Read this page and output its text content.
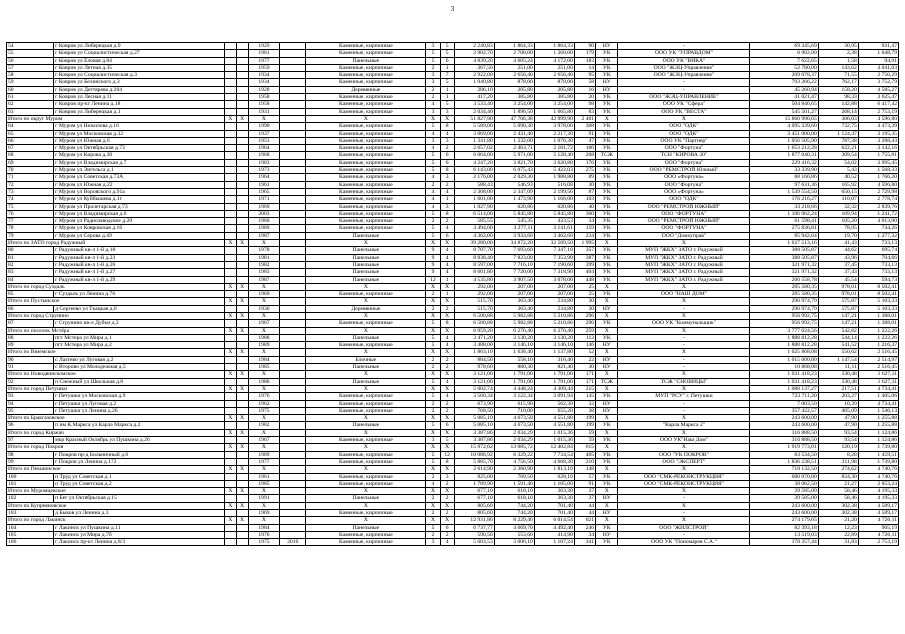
3
54	г Ковров ул Либерецкая д.9			1929		Каменные, кирпичные	3	5	2 240,83	1 864,33	1 864,33	90	НУ	-	69 345,69	30,95	931,47
55	г Ковров ул Социалистическая д.27			1981		Каменные, кирпичные	5	5	2 902,70	2 700,00	1 260,00	179	УК	ООО УК "УПРАВДОМ"	6 902,00	2,38	1 048,79
56	г Ковров ул Еловая д.84			1977		Панельные	5	6	4 839,20	4 605,24	4 172,00	183	УК	ООО УК "ВИКА"	7 622,65	1,58	94,91
57	г Ковров ул Летная д.35			1959		Каменные, кирпичные	2	1	367,50	251,00	251,00	14	УК	ООО "ЖЭЦ-Управление"	52 780,00	143,62	4 041,03
58	г Ковров ул Социалистическая д.3			1934		Каменные, кирпичные	3	7	2 922,00	2 656,40	2 656,40	95	УК	ООО "ЖЭЦ-Управление"	209 078,37	71,55	2 750,29
59	г Ковров ул Белинского д.3			1934		Каменные, кирпичные	3	5	1 040,80	878,00	878,00	58	НУ	-	793 266,22	762,17	3 752,79
60	г Ковров ул Дегтярева д.204			1928		Деревянные	2	1	286,10	205,80	205,80	16	НУ	-	45 260,94	158,20	4 585,27
61	г Ковров ул Лесная д.11			1958		Каменные, кирпичные	2	1	417,20	385,80	385,80	20	УК	ООО "ЖЭЦ-УПРАВЛЕНИЕ"	41 021,47	98,33	3 625,47
62	г Ковров пр-кт Ленина д.18			1958		Каменные, кирпичные	4	5	3 533,40	3 254,00	3 254,00	98	УК	ООО УК "Сфера"	504 846,65	142,88	6 417,42
63	г Ковров ул Либерецкая д.1			1931		Каменные, кирпичные	3	3	2 034,40	1 896,50	1 665,80	83	УК	ООО УК "ВЕСТА"	545 501,27	268,14	2 753,19
Итого по округ Муром		X	X	X		X	X	X	51 827,90	47 706,38	42 999,90	2 401	X	X	15 860 990,65	306,03	4 596,80
64	г Муром ул Нежилова д.16			1990		Каменные, кирпичные	5	8	5 589,00	5 090,30	3 978,00	308	УК	ООО "ОДК"	4 095 339,60	732,75	4 473,39
65	г Муром ул Московская д.32			1937		Каменные, кирпичные	4	4	3 069,00	2 431,40	2 217,30	91	УК	ООО "ОДК"	3 451 000,00	1 124,47	3 195,35
66	г Муром ул Южная д.6			1953		Каменные, кирпичные	3	3	1 341,80	1 232,00	1 076,30	47	УК	ООО УК "Партнер"	1 056 505,90	787,38	3 288,43
67	г Муром ул Октябрьская д.73			1964		Каменные, кирпичные	4	2	2 657,02	2 463,71	2 181,72	100	УК	ООО "Фортуна"	1 653 212,28	622,21	3 142,16
68	г Муром ул Кирова д.30			1968		Каменные, кирпичные	5	6	6 064,00	5 971,00	5 128,40	268	ТСЖ	ТСН "КИРОВА 30"	1 877 040,31	309,54	1 755,81
69	г Муром ул Владимирская д.7			1983		Каменные, кирпичные	5	6	4 247,20	3 821,70	3 620,80	176	УК	ООО "Фортуна"	229 416,32	54,02	3 995,45
70	г Муром ул Энгельса д.1			1973		Каменные, кирпичные	5	8	6 143,00	6 075,43	5 422,03	275	УК	ООО "РЕМСТРОЙ Южный"	33 339,90	5,43	1 568,33
71	г Муром ул Советская д.73А			1964		Каменные, кирпичные	4	3	2 176,00	2 029,30	1 988,80	89	УК	ООО «Фортуна»	88 166,86	40,52	1 766,20
72	г Муром ул Южная д.22			1961		Каменные, кирпичные	2	2	588,43	546,93	516,08	30	УК	ООО "Фортуна"	97 631,36	165,92	4 596,80
73	г Муром ул Воровского д.91а			1965		Каменные, кирпичные	4	4	2 368,00	2 347,09	2 199,56	87	УК	ООО «Фортуна»	1 539 554,50	650,15	2 729,98
74	г Муром ул Куйбышева д.1г			1971		Каменные, кирпичные	4	1	1 601,00	1 473,90	1 166,00	103	УК	ООО "ОДК"	176 216,27	110,07	2 778,74
75	г Муром ул Пролетарская д.73			1969		Каменные, кирпичные	4	3	1 027,90	620,86	620,86	40	УК	ООО "РЕМСТРОЙ ЮЖНЫЙ"	33 218,66	32,32	2 839,76
76	г Муром ул Владимирская д.6			2003		Каменные, кирпичные	5	8	6 514,00	5 845,80	5 845,80	360	УК	ООО "ФОРТУНА"	1 106 962,24	169,94	1 241,72
77	г Муром ул Радиозаводское д.20			1960		Каменные, кирпичные	2	2	585,55	545,35	433,53	34	УК	ООО "РЕМСТРОЙ ЮЖНЫЙ"	61 598,41	105,20	4 013,00
78	г Муром ул Ковровская д.16			1989		Каменные, кирпичные	5	4	3 494,00	3 277,11	3 141,61	159	УК	ООО "ФОРТУНА"	275 836,81	78,95	744,26
79	г Муром ул Серова д.49			1987		Панельные	5	6	4 362,00	3 933,60	3 462,60	234	УК	ООО "Домоуправ"	85 942,64	19,70	1 277,32
Итого по ЗАТО город Радужный		X	X	X		X	X	X	39 280,00	34 872,20	32 589,50	1 995	X	X	1 627 513,16	41,43	733,13
80	г Радужный кв-л 1-й д.18			1978		Панельные	9	4	8 707,70	7 693,60	7 347,10	357	УК	МУП "ЖКХ" ЗАТО г. Радужный	388 505,87	44,62	695,74
81	г Радужный кв-л 1-й д.23			1981		Панельные	9	4	8 838,40	7 823,00	7 353,90	387	УК	МУП "ЖКХ" ЗАТО г. Радужный	388 505,87	43,96	704,66
82	г Радужный кв-л 1-й д.26			1982		Панельные	9	4	8 597,00	7 716,10	7 190,60	399	УК	МУП "ЖКХ" ЗАТО г. Радужный	321 971,32	37,45	733,13
83	г Радужный кв-л 1-й д.27			1983		Панельные	9	4	8 601,80	7 720,00	7 318,90	404	УК	МУП "ЖКХ" ЗАТО г. Радужный	321 971,32	37,43	733,13
84	г Радужный кв-л 1-й д.29			1987		Панельные	12	1	4 535,80	3 907,50	3 078,00	448	УК	МУП "ЖКХ" ЗАТО г. Радужный	206 558,78	45,54	594,73
Итого по город Суздаль		X	X	X		X	X	X	292,00	207,00	207,00	25	X	X	285 580,35	978,01	8 502,41
85	г Суздаль ул Ленина д.76			1960		Каменные, кирпичные	2	1	292,00	207,00	207,00	25	УК	ООО "НАШ ДОМ"	285 580,35	978,01	8 502,41
Итого по Пустынское		X	X	X		X	X	X	515,70	363,40	234,80	30	X	X	296 974,79	575,87	5 103,33
86	д Сергеево ул Ткацкая д.6			1936		Деревянные	2	2	515,70	363,40	234,80	30	НУ	-	296 974,79	575,87	5 103,33
Итого по город Струнино		X	X	X		X	X	X	6 500,88	5 982,88	5 210,86	296	X	X	956 992,75	147,21	1 388,01
87	г Струнино кв-л Дубки д.2			1967		Каменные, кирпичные	5	8	6 500,88	5 982,88	5 210,86	296	УК	ООО УК "Коммунальщик"	956 992,75	147,21	1 388,01
Итого по поселок Мстёра		X	X	X		X	X	X	6 959,20	6 276,40	6 276,40	259	X	X	3 777 624,56	542,82	1 222,26
88	пгт Мстера ул Мира д.1			1988		Панельные	5	4	3 471,20	3 130,20	3 130,20	113	УК	-	1 888 812,28	544,14	1 222,26
89	пгт Мстера ул Мира д.2			1989		Каменные, кирпичные	5	4	3 488,00	3 146,10	3 146,10	146	НУ	-	1 888 812,28	541,52	1 216,37
Итого по Вяземское		X	X	X		X	X	X	1 863,10	1 638,40	1 137,80	52	X	X	1 025 868,08	550,62	2 516,45
90	с Лазтево ул Луговая д.2			1984		Блочные	2	2	884,50	558,10	316,40	22	НУ	-	1 015 000,00	1 147,54	2 514,97
91	с Второво ул Молодежная д.5			1985		Панельные	2	2	978,60	880,30	821,40	30	НУ	-	10 868,08	11,11	2 516,45
Итого по Новодвинскомское		X	X	X		X	X	X	3 121,00	1 791,00	1 791,00	171	X	X	1 031 418,23	330,48	1 627,11
92	п Снежный ул Школьная д.8			1986		Панельные	5	4	3 121,00	1 791,00	1 791,00	171	ТСЖ	ТСЖ "СНОВИЦЫ"	1 031 418,23	330,48	1 627,11
Итого по город Петушки		X	X	X		X	X	X	5 002,74	4 448,24	4 309,44	215	X	X	1 088 137,27	217,51	4 734,41
93	г Петушки ул Московская д.9			1976		Каменные, кирпичные	5	4	3 560,34	3 122,34	3 091,94	145	УК	МУП "РСУ" г. Петушки	723 711,20	203,27	1 405,06
94	г Петушки ул Луговая д.2			1962		Каменные, кирпичные	2	2	673,90	615,90	562,30	32	НУ	-	7 003,50	10,39	4 734,41
95	г Петушки ул Ленина д.26			1975		Каменные, кирпичные	2	2	768,50	710,00	655,20	38	НУ	-	357 422,57	465,09	1 546,13
Итого по Бракгазовское		X	X	X		X	X	X	5 085,10	4 673,50	4 551,80	199	X	X	243 600,00	47,90	1 255,88
96	п им К.Маркса ул Карла Маркса д.2			1982		Панельные	5	6	5 085,10	4 673,50	4 551,80	199	УК	"Карла Маркса 2"	243 600,00	47,90	1 255,88
Итого по город Киржач		X	X	X		X	X	X	3 387,86	2 034,29	1 015,36	59	X	X	316 888,50	93,54	1 124,86
97	мкр Красный Октябрь ул Пушкина д.26			1967		Каменные, кирпичные	3	5	3 387,86	2 034,29	1 015,36	59	УК	ООО УК"Наш Дом"	316 888,50	93,54	1 124,86
Итого по город Покров		X	X	X		X	X	X	15 972,62	13 085,72	12 402,84	615	X	X	1 919 773,01	120,19	1 739,80
98	г Покров пр-д Больничный д.6			1989		Каменные, кирпичные	5	12	10 086,92	8 329,22	7 734,54	405	УК	ООО "УК ПОКРОВ"	83 534,50	8,28	1 459,51
99	г Покров ул Ленина д.172			1977		Каменные, кирпичные	5	8	5 885,70	4 756,50	4 668,30	210	УК	ООО "ЭКСПЕРТ"	1 836 238,51	311,98	1 739,80
Итого по Пекшинское		X	X	X		X	X	X	2 614,90	2 360,90	1 813,10	148	X	X	718 132,50	274,62	4 740,76
100	п Труд ул Советская д.1			1961		Каменные, кирпичные	2	3	825,00	769,50	628,10	57	УК	ООО "СМК-РЕКОНСТРУКЦИЯ"	680 070,00	824,30	4 740,76
101	п Труд ул Советская д.2			1985		Каменные, кирпичные	4	2	1 789,90	1 591,40	1 185,00	91	УК	ООО "СМК-РЕКОНСТРУКЦИЯ"	38 062,50	21,27	2 053,24
Итого по Муромцевское		X	X	X		X	X	X	677,10	618,10	363,30	37	X	X	39 585,00	58,46	4 195,33
102	п Бег ул Октябрьская д.15			1991		Панельные	2	2	677,10	618,10	363,30	37	НУ	-	39 585,00	58,46	4 195,33
Итого по Купреяновское		X	X	X		X	X	X	805,60	744,20	701,40	44	X	X	243 600,00	302,38	4 589,17
103	д Быков ул Ленина д.3			1969		Каменные, кирпичные	2	2	805,60	744,20	701,40	44	НУ	-	243 600,00	302,38	4 589,17
Итого по город Лакинск		X	X	X		X	X	X	12 931,86	8 229,46	6 014,54	621	X	X	274 179,65	21,20	4 726,11
104	г Лакинск ул Пушкина д.11			1984		Панельные	5	6	6 737,77	4 669,70	4 492,40	246	УК	ООО "ЖИЛСТРОЙ"	82 393,18	12,23	905,19
105	г Лакинск ул Мира д.7б			1976		Каменные, кирпичные	2	2	590,56	553,66	414,90	34	НУ	-	13 519,03	22,89	4 726,11
106	г Лакинск пр-кт Ленина д.8/3			1975	2010	Каменные, кирпичные	3	4	5 603,53	3 006,10	1 107,24	341	УК	ООО УК "Пономарев С.А."	178 357,44	31,83	2 753,19
